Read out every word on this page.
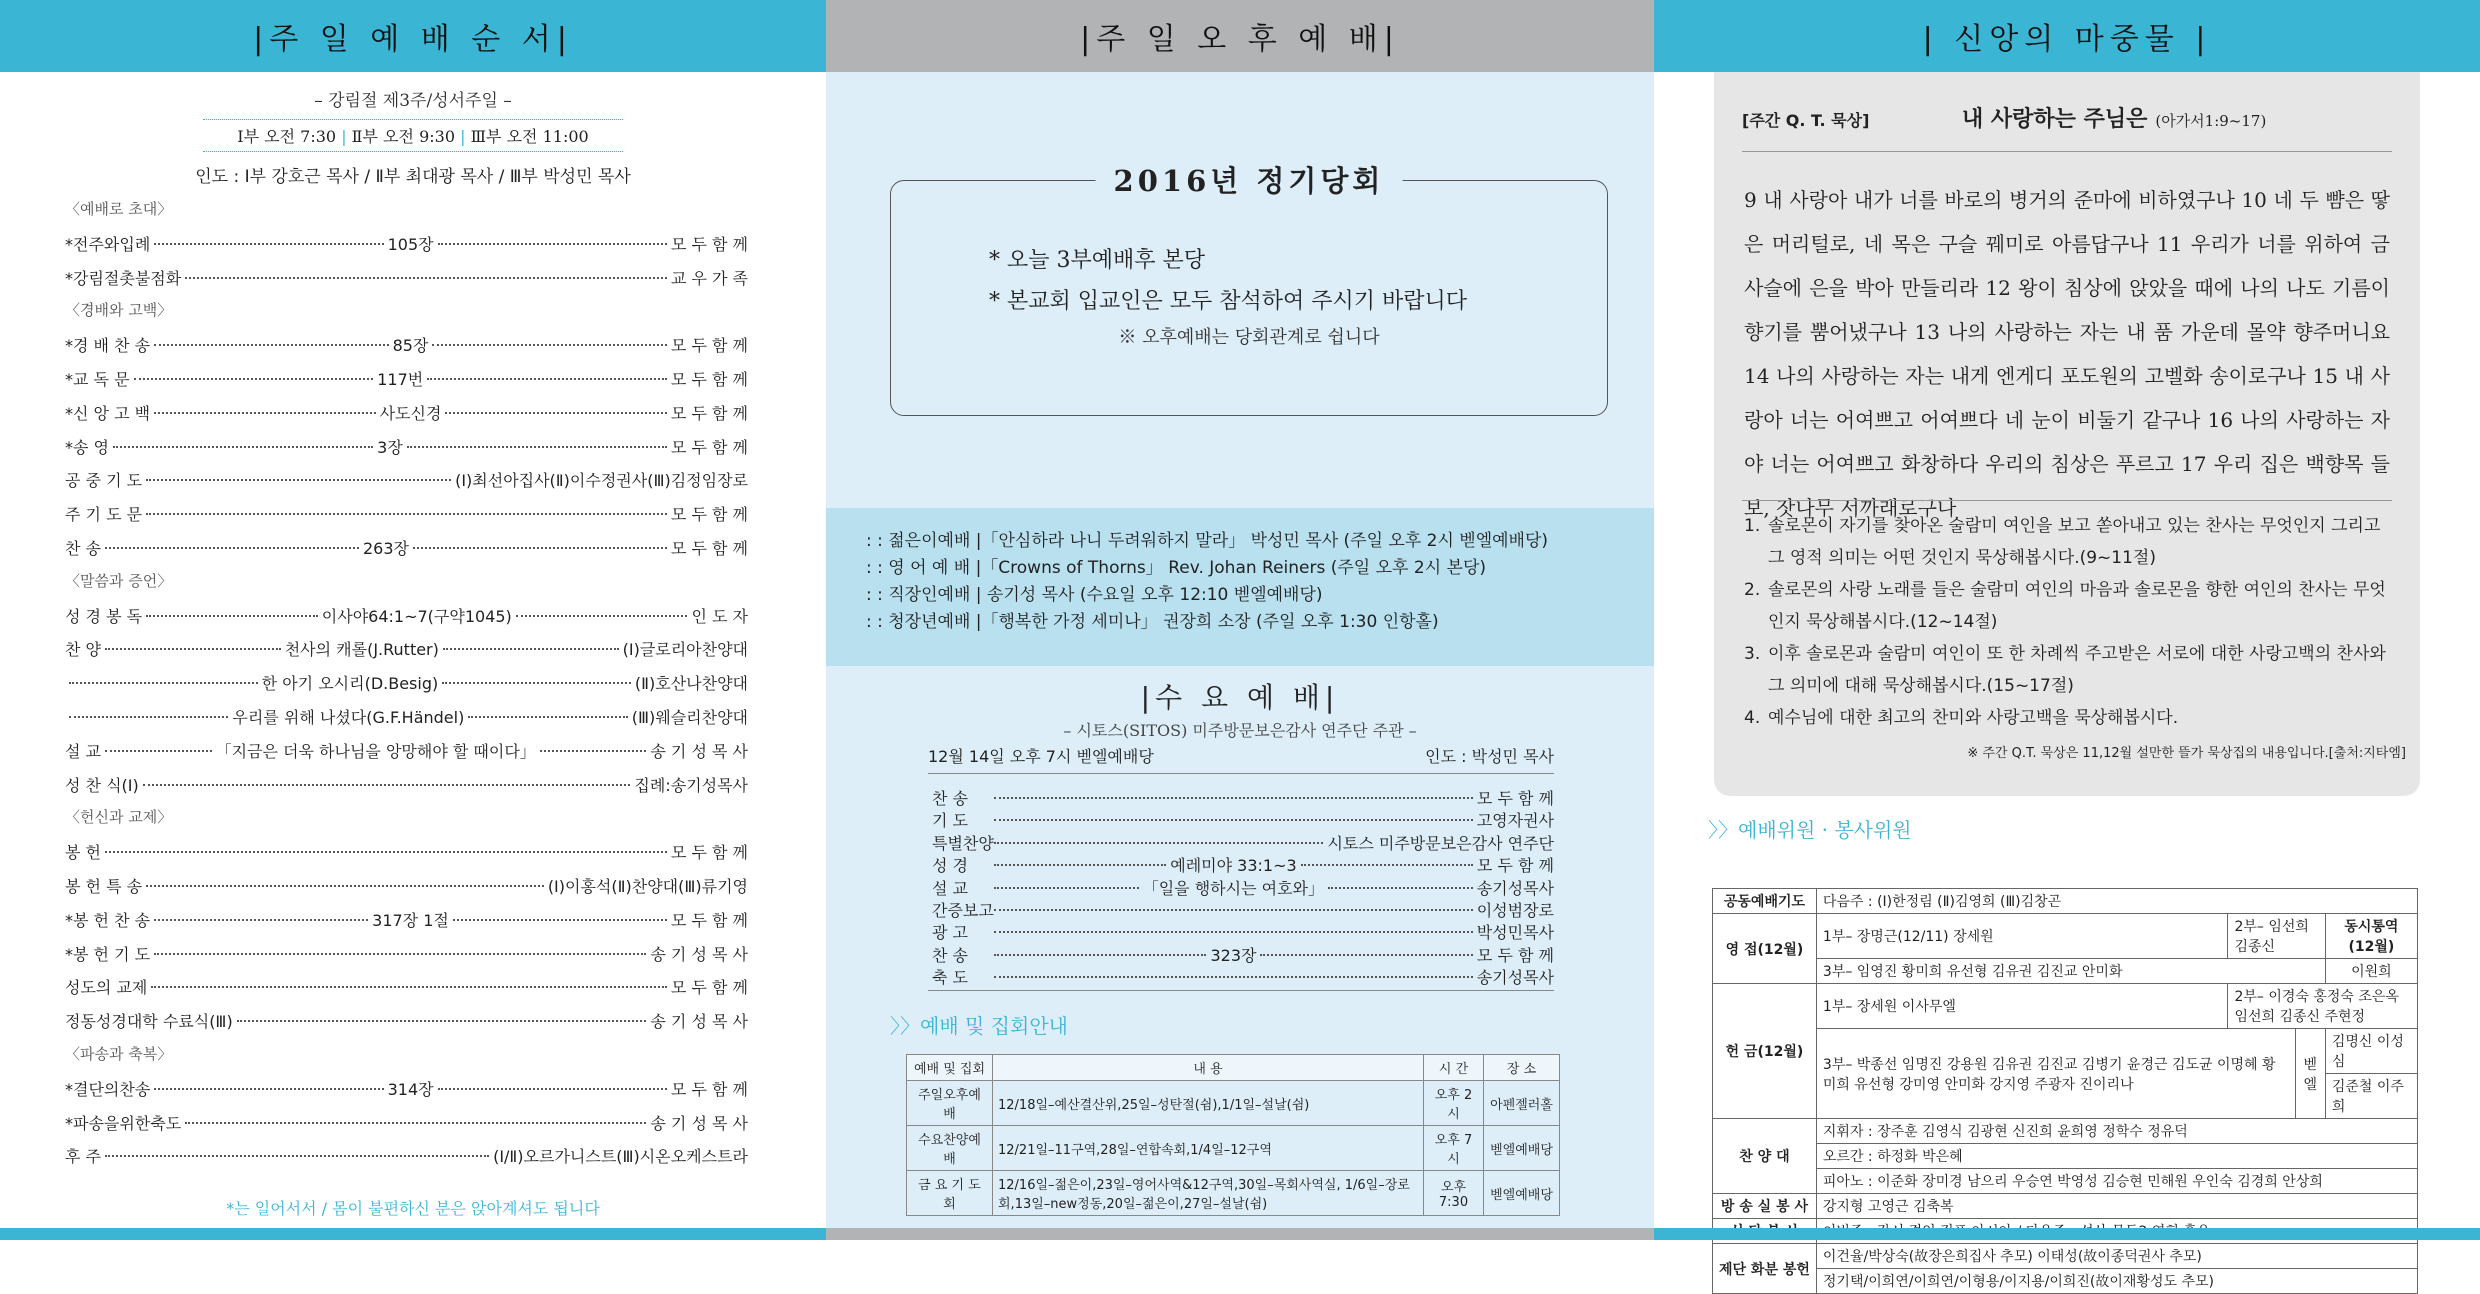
|주 일 예 배 순 서|
– 강림절 제3주/성서주일 –
Ⅰ부 오전 7:30 | Ⅱ부 오전 9:30 | Ⅲ부 오전 11:00
인도 : Ⅰ부 강호근 목사 / Ⅱ부 최대광 목사 / Ⅲ부 박성민 목사
〈예배로 초대〉
*전주와입례	105장	모 두 함 께
*강림절촛불점화	교 우 가 족
〈경배와 고백〉
*경 배 찬 송	85장	모 두 함 께
*교 독 문	117번	모 두 함 께
*신 앙 고 백	사도신경	모 두 함 께
*송 영	3장	모 두 함 께
공 중 기 도	(Ⅰ)최선아집사(Ⅱ)이수정권사(Ⅲ)김정임장로
주 기 도 문	모 두 함 께
찬 송	263장	모 두 함 께
〈말씀과 증언〉
성 경 봉 독	이사야64:1~7(구약1045)	인 도 자
찬 양	천사의 캐롤(J.Rutter)	(Ⅰ)글로리아찬양대
한 아기 오시리(D.Besig)	(Ⅱ)호산나찬양대
우리를 위해 나셨다(G.F.Händel)	(Ⅲ)웨슬리찬양대
설 교	「지금은 더욱 하나님을 앙망해야 할 때이다」	송 기 성 목 사
성 찬 식(Ⅰ)	집례:송기성목사
〈헌신과 교제〉
봉 헌	모 두 함 께
봉 헌 특 송	(Ⅰ)이홍석(Ⅱ)찬양대(Ⅲ)류기영
*봉 헌 찬 송	317장 1절	모 두 함 께
*봉 헌 기 도	송 기 성 목 사
성도의 교제	모 두 함 께
정동성경대학 수료식(Ⅲ)	송 기 성 목 사
〈파송과 축복〉
*결단의찬송	314장	모 두 함 께
*파송을위한축도	송 기 성 목 사
후 주	(Ⅰ/Ⅱ)오르가니스트(Ⅲ)시온오케스트라
*는 일어서서 / 몸이 불편하신 분은 앉아계셔도 됩니다
|주 일 오 후 예 배|
2016년 정기당회
* 오늘 3부예배후 본당
* 본교회 입교인은 모두 참석하여 주시기 바랍니다
※ 오후예배는 당회관계로 쉽니다
: : 젊은이예배 |「안심하라 나니 두려워하지 말라」 박성민 목사 (주일 오후 2시 벧엘예배당)
: : 영 어 예 배 |「Crowns of Thorns」 Rev. Johan Reiners (주일 오후 2시 본당)
: : 직장인예배 | 송기성 목사 (수요일 오후 12:10 벧엘예배당)
: : 청장년예배 |「행복한 가정 세미나」 권장희 소장 (주일 오후 1:30 인항홀)
|수 요 예 배|
– 시토스(SITOS) 미주방문보은감사 연주단 주관 –
12월 14일 오후 7시 벧엘예배당	인도 : 박성민 목사
찬 송	모 두 함 께
기 도	고영자권사
특별찬양	시토스 미주방문보은감사 연주단
성 경	예레미야 33:1~3	모 두 함 께
설 교	「일을 행하시는 여호와」	송기성목사
간증보고	이성범장로
광 고	박성민목사
찬 송	323장	모 두 함 께
축 도	송기성목사
〉〉예배 및 집회안내
예배 및 집회	내 용	시 간	장 소
주일오후예배	12/18일–예산결산위,25일–성탄절(쉼),1/1일–설날(쉼)	오후 2시	아펜젤러홀
수요찬양예배	12/21일–11구역,28일–연합속회,1/4일–12구역	오후 7시	벧엘예배당
금 요 기 도 회	12/16일–젊은이,23일–영어사역&12구역,30일–목회사역실, 1/6일–장로회,13일–new정동,20일–젊은이,27일–설날(쉼)	오후7:30	벧엘예배당
| 신앙의 마중물 |
[주간 Q. T. 묵상]	내 사랑하는 주님은 (아가서1:9~17)
9 내 사랑아 내가 너를 바로의 병거의 준마에 비하였구나 10 네 두 뺨은 땋은 머리털로, 네 목은 구슬 꿰미로 아름답구나 11 우리가 너를 위하여 금 사슬에 은을 박아 만들리라 12 왕이 침상에 앉았을 때에 나의 나도 기름이 향기를 뿜어냈구나 13 나의 사랑하는 자는 내 품 가운데 몰약 향주머니요 14 나의 사랑하는 자는 내게 엔게디 포도원의 고벨화 송이로구나 15 내 사랑아 너는 어여쁘고 어여쁘다 네 눈이 비둘기 같구나 16 나의 사랑하는 자야 너는 어여쁘고 화창하다 우리의 침상은 푸르고 17 우리 집은 백향목 들보, 잣나무 서까래로구나
1. 솔로몬이 자기를 찾아온 술람미 여인을 보고 쏟아내고 있는 찬사는 무엇인지 그리고 그 영적 의미는 어떤 것인지 묵상해봅시다.(9~11절)
2. 솔로몬의 사랑 노래를 들은 술람미 여인의 마음과 솔로몬을 향한 여인의 찬사는 무엇인지 묵상해봅시다.(12~14절)
3. 이후 솔로몬과 술람미 여인이 또 한 차례씩 주고받은 서로에 대한 사랑고백의 찬사와 그 의미에 대해 묵상해봅시다.(15~17절)
4. 예수님에 대한 최고의 찬미와 사랑고백을 묵상해봅시다.
※ 주간 Q.T. 묵상은 11,12월 설만한 뜰가 묵상집의 내용입니다.[출처:지타엠]
〉〉예배위원 · 봉사위원
공동예배기도	다음주 : (Ⅰ)한정림 (Ⅱ)김영희 (Ⅲ)김창곤			
영 접(12월)	1부– 장명근(12/11) 장세원	2부– 임선희 김종신		동시통역(12월)
	3부– 임영진 황미희 유선형 김유권 김진교 안미화			이원희
헌 금(12월)	1부– 장세원 이사무엘	2부– 이경숙 홍정숙 조은옥 임선희 김종신 주현정		
	3부– 박종선 임명진 강용원 김유권 김진교 김병기 윤경근 김도균 이명혜 황미희 유선형 강미영 안미화 강지영 주광자 진이리나		벧엘	김명신 이성심
				김준철 이주희
찬 양 대	지휘자 : 장주훈 김영식 김광현 신진희 윤희영 정학수 정유덕			
	오르간 : 하정화 박은혜			
	피아노 : 이준화 장미경 남으리 우승연 박영성 김승현 민해원 우인숙 김경희 안상희			
방 송 실 봉 사	강지형 고영근 김축복			

제단 화분 봉헌	이건율/박상숙(故장은희집사 추모) 이태성(故이종덕권사 추모)			
	정기택/이희연/이희연/이형용/이지용/이희진(故이재황성도 추모)			
